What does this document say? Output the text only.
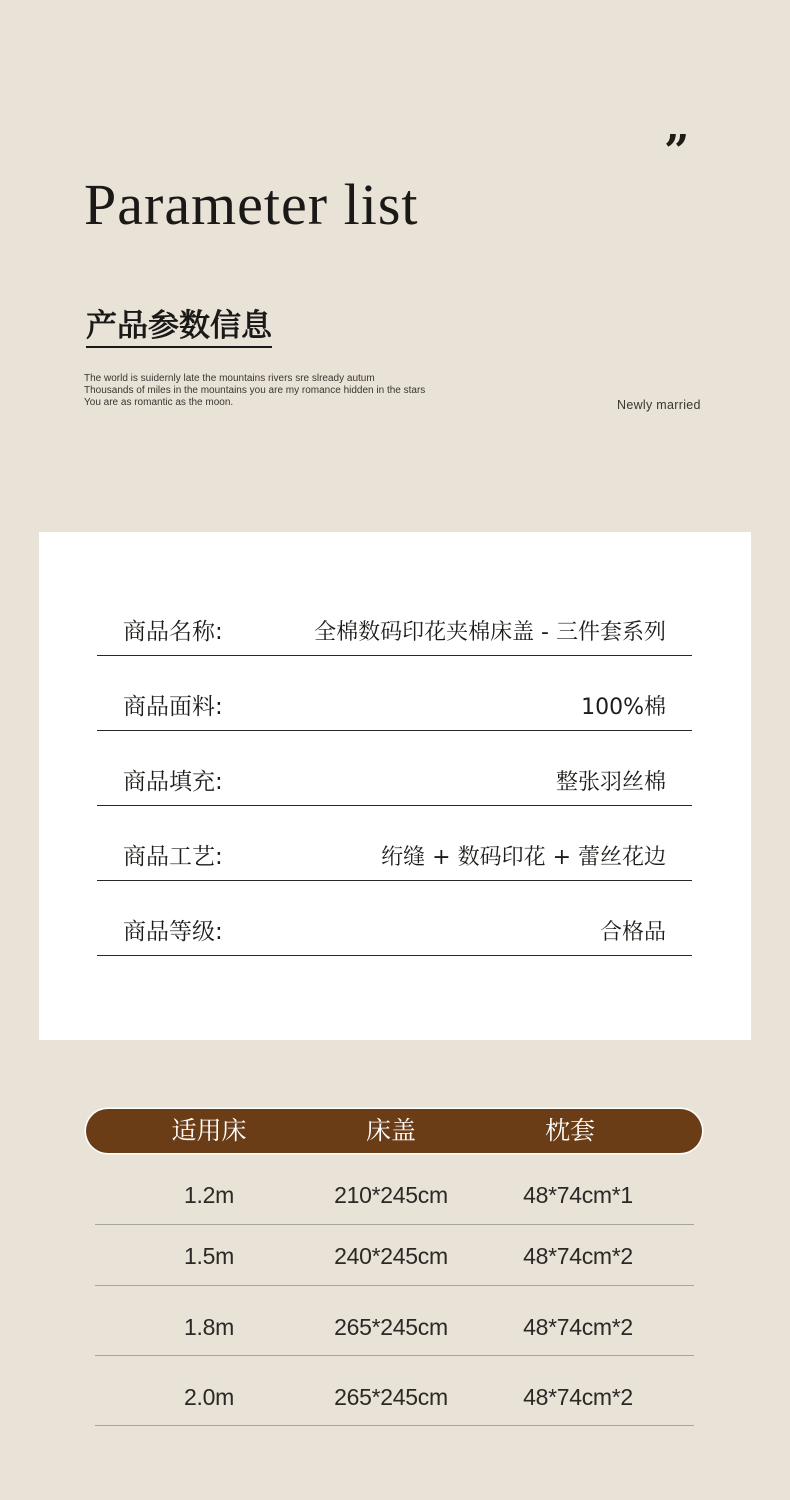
”
Parameter list
产品参数信息
The world is suidernly late the mountains rivers sre slready autum
Thousands of miles in the mountains you are my romance hidden in the stars
You are as romantic as the moon.	Newly married
商品名称:	全棉数码印花夹棉床盖 - 三件套系列
商品面料:	100%棉
商品填充:	整张羽丝棉
商品工艺:	绗缝 + 数码印花 + 蕾丝花边
商品等级:	合格品
适用床	床盖	枕套
1.2m	210*245cm	48*74cm*1
1.5m	240*245cm	48*74cm*2
1.8m	265*245cm	48*74cm*2
2.0m	265*245cm	48*74cm*2
